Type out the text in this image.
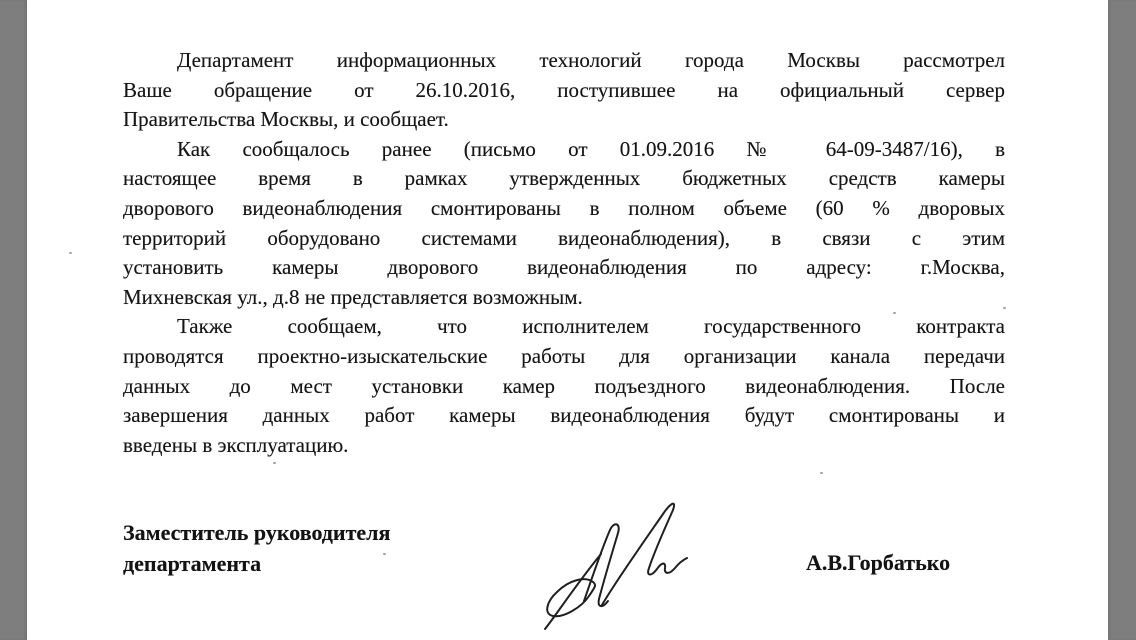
Департамент информационных технологий города Москвы рассмотрел
Ваше обращение от 26.10.2016, поступившее на официальный сервер
Правительства Москвы, и сообщает.
Как сообщалось ранее (письмо от 01.09.2016 № 64-09-3487/16), в
настоящее время в рамках утвержденных бюджетных средств камеры
дворового видеонаблюдения смонтированы в полном объеме (60 % дворовых
территорий оборудовано системами видеонаблюдения), в связи с этим
установить камеры дворового видеонаблюдения по адресу: г.Москва,
Михневская ул., д.8 не представляется возможным.
Также сообщаем, что исполнителем государственного контракта
проводятся проектно-изыскательские работы для организации канала передачи
данных до мест установки камер подъездного видеонаблюдения. После
завершения данных работ камеры видеонаблюдения будут смонтированы и
введены в эксплуатацию.
Заместитель руководителя
департамента	А.В.Горбатько
